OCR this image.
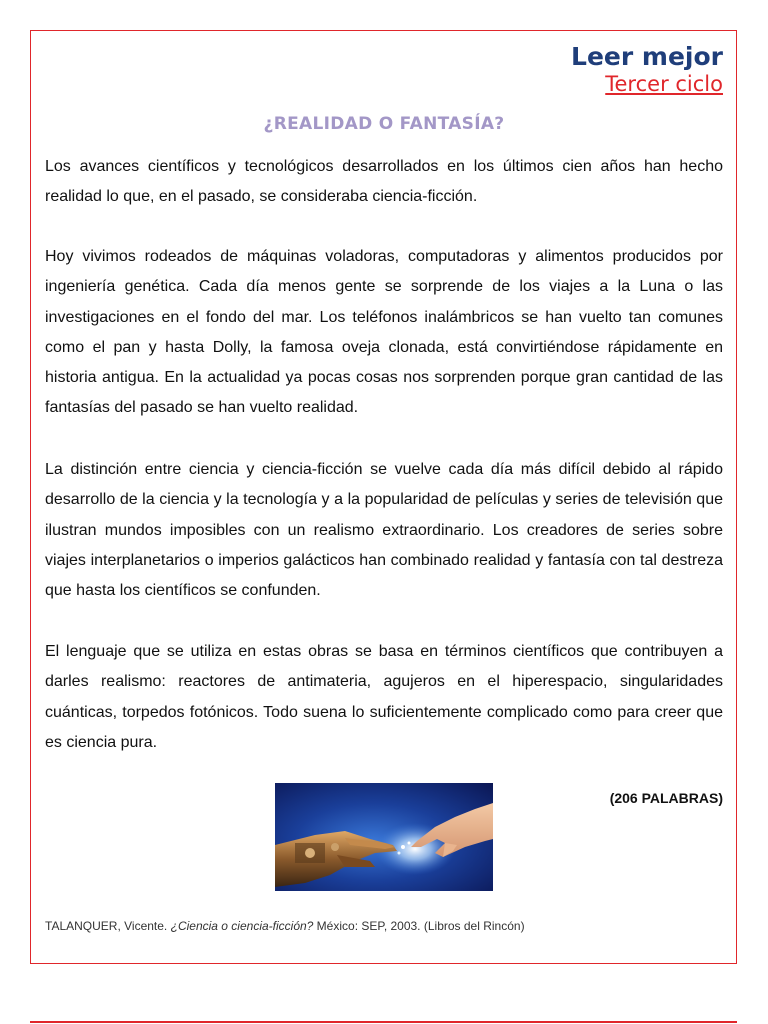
Leer mejor
Tercer ciclo
¿REALIDAD O FANTASÍA?

Los avances científicos y tecnológicos desarrollados en los últimos cien años han hecho realidad lo que, en el pasado, se consideraba ciencia-ficción.

Hoy vivimos rodeados de máquinas voladoras, computadoras y alimentos producidos por ingeniería genética. Cada día menos gente se sorprende de los viajes a la Luna o las investigaciones en el fondo del mar. Los teléfonos inalámbricos se han vuelto tan comunes como el pan y hasta Dolly, la famosa oveja clonada, está convirtiéndose rápidamente en historia antigua. En la actualidad ya pocas cosas nos sorprenden porque gran cantidad de las fantasías del pasado se han vuelto realidad.

La distinción entre ciencia y ciencia-ficción se vuelve cada día más difícil debido al rápido desarrollo de la ciencia y la tecnología y a la popularidad de películas y series de televisión que ilustran mundos imposibles con un realismo extraordinario. Los creadores de series sobre viajes interplanetarios o imperios galácticos han combinado realidad y fantasía con tal destreza que hasta los científicos se confunden.

El lenguaje que se utiliza en estas obras se basa en términos científicos que contribuyen a darles realismo: reactores de antimateria, agujeros en el hiperespacio, singularidades cuánticas, torpedos fotónicos. Todo suena lo suficientemente complicado como para creer que es ciencia pura.

(206 PALABRAS)
TALANQUER, Vicente. ¿Ciencia o ciencia-ficción? México: SEP, 2003. (Libros del Rincón)
